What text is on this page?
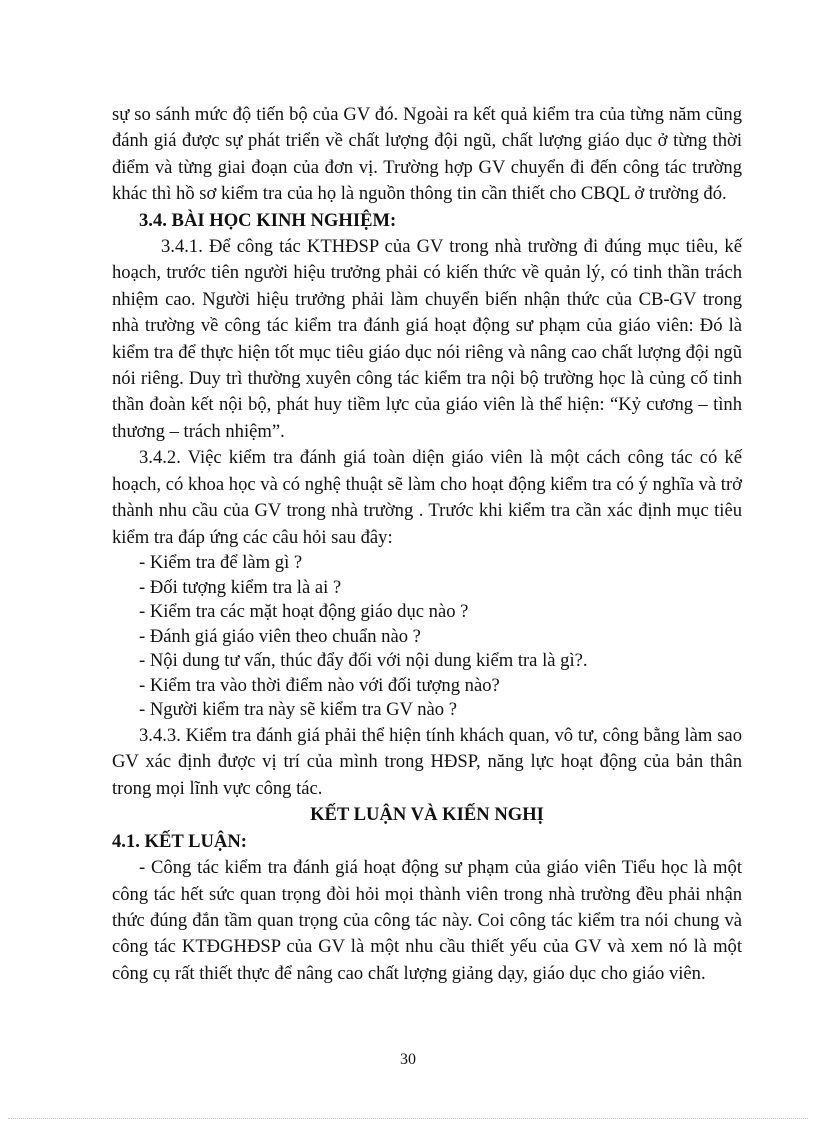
sự so sánh mức độ tiến bộ của GV đó. Ngoài ra kết quả kiểm tra của từng năm cũng đánh giá được sự phát triển về chất lượng đội ngũ, chất lượng giáo dục ở từng thời điểm và từng giai đoạn của đơn vị. Trường hợp GV chuyển đi đến công tác trường khác thì hồ sơ kiểm tra của họ là nguồn thông tin cần thiết cho CBQL ở trường đó.

3.4. BÀI HỌC KINH NGHIỆM:

3.4.1. Để công tác KTHĐSP của GV trong nhà trường đi đúng mục tiêu, kế hoạch, trước tiên người hiệu trưởng phải có kiến thức về quản lý, có tinh thần trách nhiệm cao. Người hiệu trưởng phải làm chuyển biến nhận thức của CB-GV trong nhà trường về công tác kiểm tra đánh giá hoạt động sư phạm của giáo viên: Đó là kiểm tra để thực hiện tốt mục tiêu giáo dục nói riêng và nâng cao chất lượng đội ngũ nói riêng. Duy trì thường xuyên công tác kiểm tra nội bộ trường học là củng cố tinh thần đoàn kết nội bộ, phát huy tiềm lực của giáo viên là thể hiện: “Kỷ cương – tình thương – trách nhiệm”.

3.4.2. Việc kiểm tra đánh giá toàn diện giáo viên là một cách công tác có kế hoạch, có khoa học và có nghệ thuật sẽ làm cho hoạt động kiểm tra có ý nghĩa và trở thành nhu cầu của GV trong nhà trường . Trước khi kiểm tra cần xác định mục tiêu kiểm tra đáp ứng các câu hỏi sau đây:

- Kiểm tra để làm gì ?

- Đối tượng kiểm tra là ai ?

- Kiểm tra các mặt hoạt động giáo dục nào ?

- Đánh giá giáo viên theo chuẩn nào ?

- Nội dung tư vấn, thúc đẩy đối với nội dung kiểm tra là gì?.

- Kiểm tra vào thời điểm nào với đối tượng nào?

- Người kiểm tra này sẽ kiểm tra GV nào ?

3.4.3. Kiểm tra đánh giá phải thể hiện tính khách quan, vô tư, công bằng làm sao GV xác định được vị trí của mình trong HĐSP, năng lực hoạt động của bản thân trong mọi lĩnh vực công tác.

KẾT LUẬN VÀ KIẾN NGHỊ

4.1. KẾT LUẬN:

- Công tác kiểm tra đánh giá hoạt động sư phạm của giáo viên Tiểu học là một công tác hết sức quan trọng đòi hỏi mọi thành viên trong nhà trường đều phải nhận thức đúng đắn tầm quan trọng của công tác này. Coi công tác kiểm tra nói chung và công tác KTĐGHĐSP của GV là một nhu cầu thiết yếu của GV và xem nó là một công cụ rất thiết thực để nâng cao chất lượng giảng dạy, giáo dục cho giáo viên.

30
